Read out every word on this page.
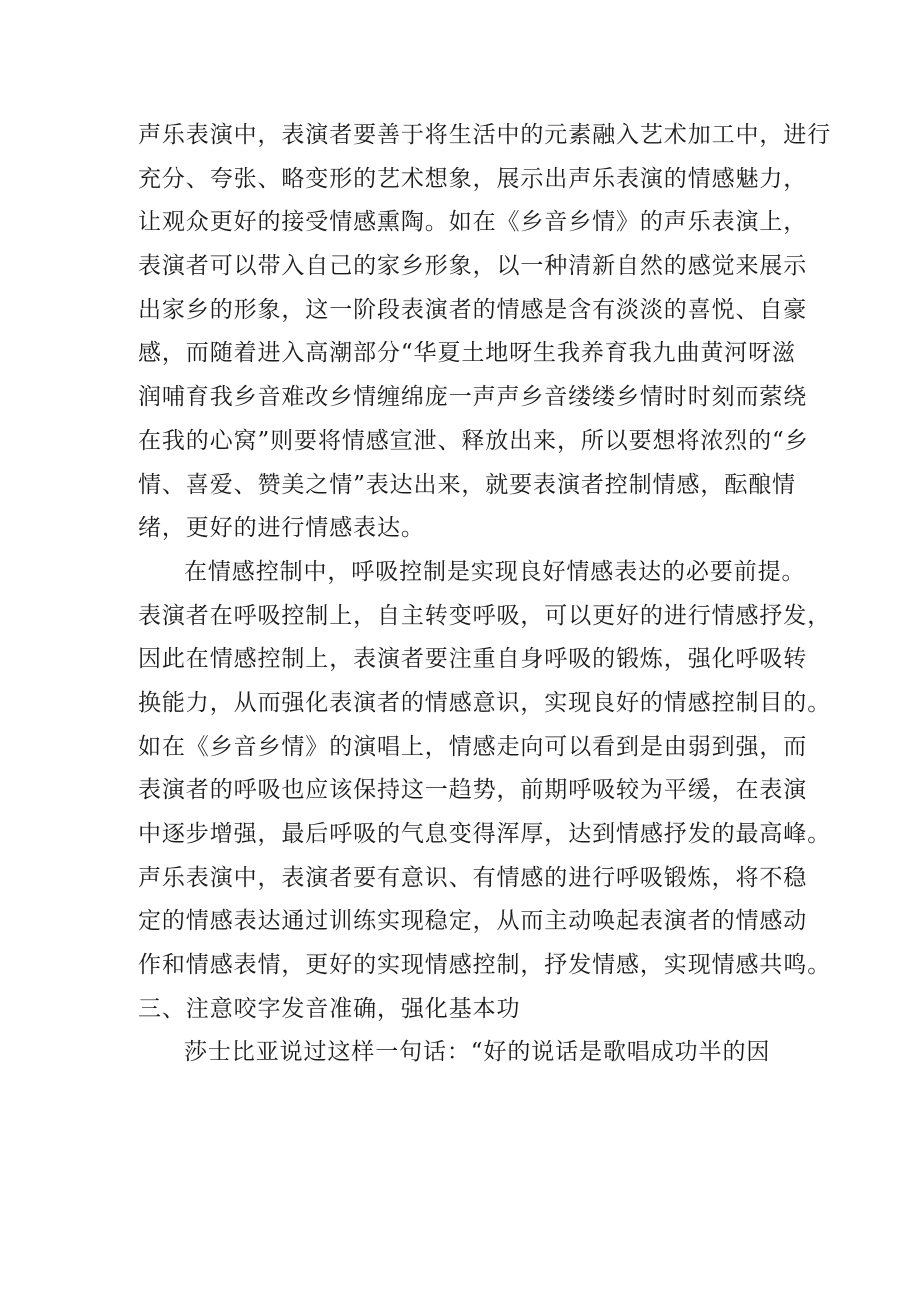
声乐表演中，表演者要善于将生活中的元素融入艺术加工中，进行
充分、夸张、略变形的艺术想象，展示出声乐表演的情感魅力，
让观众更好的接受情感熏陶。如在《乡音乡情》的声乐表演上，
表演者可以带入自己的家乡形象，以一种清新自然的感觉来展示
出家乡的形象，这一阶段表演者的情感是含有淡淡的喜悦、自豪
感，而随着进入高潮部分“华夏土地呀生我养育我九曲黄河呀滋
润哺育我乡音难改乡情缠绵庞一声声乡音缕缕乡情时时刻而萦绕
在我的心窝”则要将情感宣泄、释放出来，所以要想将浓烈的“乡
情、喜爱、赞美之情”表达出来，就要表演者控制情感，酝酿情
绪，更好的进行情感表达。
在情感控制中，呼吸控制是实现良好情感表达的必要前提。
表演者在呼吸控制上，自主转变呼吸，可以更好的进行情感抒发，
因此在情感控制上，表演者要注重自身呼吸的锻炼，强化呼吸转
换能力，从而强化表演者的情感意识，实现良好的情感控制目的。
如在《乡音乡情》的演唱上，情感走向可以看到是由弱到强，而
表演者的呼吸也应该保持这一趋势，前期呼吸较为平缓，在表演
中逐步增强，最后呼吸的气息变得浑厚，达到情感抒发的最高峰。
声乐表演中，表演者要有意识、有情感的进行呼吸锻炼，将不稳
定的情感表达通过训练实现稳定，从而主动唤起表演者的情感动
作和情感表情，更好的实现情感控制，抒发情感，实现情感共鸣。
三、注意咬字发音准确，强化基本功
莎士比亚说过这样一句话：“好的说话是歌唱成功半的因
